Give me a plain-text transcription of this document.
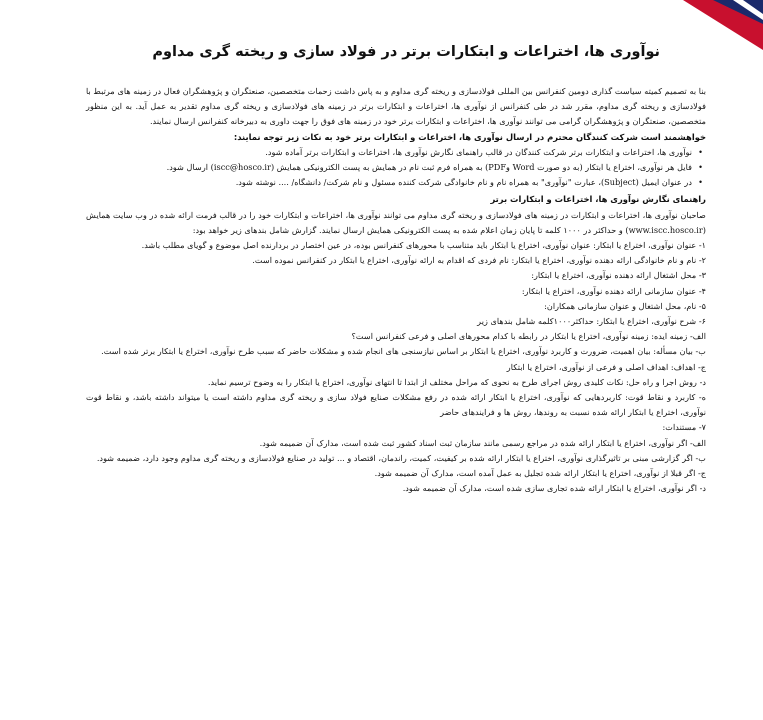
نوآوری ها، اختراعات و ابتکارات برتر در فولاد سازی و ریخته گری مداوم

بنا به تصمیم کمیته سیاست گذاری دومین کنفرانس بین المللی فولادسازی و ریخته گری مداوم و به پاس داشت زحمات متخصصین، صنعتگران و پژوهشگران فعال در زمینه های مرتبط با فولادسازی و ریخته گری مداوم، مقرر شد در طی کنفرانس از نوآوری ها، اختراعات و ابتکارات برتر در زمینه های فولادسازی و ریخته گری مداوم تقدیر به عمل آید. به این منظور متخصصین، صنعتگران و پژوهشگران گرامی می توانند نوآوری ها، اختراعات و ابتکارات برتر خود در زمینه های فوق را جهت داوری به دبیرخانه کنفرانس ارسال نمایند.

خواهشمند است شرکت کنندگان محترم در ارسال نوآوری ها، اختراعات و ابتکارات برتر خود به نکات زیر توجه نمایند:

• نوآوری ها، اختراعات و ابتکارات برتر شرکت کنندگان در قالب راهنمای نگارش نوآوری ها، اختراعات و ابتکارات برتر آماده شود.
• فایل هر نوآوری، اختراع یا ابتکار (به دو صورت Word وPDF) به همراه فرم ثبت نام در همایش به پست الکترونیکی همایش (iscc@hosco.ir) ارسال شود.
• در عنوان ایمیل (Subject)، عبارت "نوآوری" به همراه نام و نام خانوادگی شرکت کننده مسئول و نام شرکت/ دانشگاه/ .... نوشته شود.

راهنمای نگارش نوآوری ها، اختراعات و ابتکارات برتر

صاحبان نوآوری ها، اختراعات و ابتکارات در زمینه های فولادسازی و ریخته گری مداوم می توانند نوآوری ها، اختراعات و ابتکارات خود را در قالب فرمت ارائه شده در وب سایت همایش (www.iscc.hosco.ir) و حداکثر در ۱۰۰۰ کلمه تا پایان زمان اعلام شده به پست الکترونیکی همایش ارسال نمایند. گزارش شامل بندهای زیر خواهد بود:

۱- عنوان نوآوری، اختراع یا ابتکار: عنوان نوآوری، اختراع یا ابتکار باید متناسب با محورهای کنفرانس بوده، در عین اختصار در بردارنده اصل موضوع و گویای مطلب باشد.

۲- نام و نام خانوادگی ارائه دهنده نوآوری، اختراع یا ابتکار: نام فردی که اقدام به ارائه نوآوری، اختراع یا ابتکار در کنفرانس نموده است.

۳- محل اشتغال ارائه دهنده نوآوری، اختراع یا ابتکار:

۴- عنوان سازمانی ارائه دهنده نوآوری، اختراع یا ابتکار:

۵- نام، محل اشتغال و عنوان سازمانی همکاران:

۶- شرح نوآوری، اختراع یا ابتکار: حداکثر۱۰۰۰کلمه شامل بندهای زیر

الف- زمینه ایده: زمینه نوآوری، اختراع یا ابتکار در رابطه با کدام محورهای اصلی و فرعی کنفرانس است؟

ب- بیان مسأله: بیان اهمیت، ضرورت و کاربرد نوآوری، اختراع یا ابتکار بر اساس نیازسنجی های انجام شده و مشکلات حاضر که سبب طرح نوآوری، اختراع یا ابتکار برتر شده است.

ج- اهداف: اهداف اصلی و فرعی از نوآوری، اختراع یا ابتکار

د- روش اجرا و راه حل: نکات کلیدی روش اجرای طرح به نحوی که مراحل مختلف از ابتدا تا انتهای نوآوری، اختراع یا ابتکار را به وضوح ترسیم نماید.

ه- کاربرد و نقاط قوت: کاربردهایی که نوآوری، اختراع یا ابتکار ارائه شده در رفع مشکلات صنایع فولاد سازی و ریخته گری مداوم داشته است یا میتواند داشته باشد، و نقاط قوت نوآوری، اختراع یا ابتکار ارائه شده نسبت به روندها، روش ها و فرایندهای حاضر

۷- مستندات:

الف- اگر نوآوری، اختراع یا ابتکار ارائه شده در مراجع رسمی مانند سازمان ثبت اسناد کشور ثبت شده است، مدارک آن ضمیمه شود.

ب- اگر گزارشی مبنی بر تاثیرگذاری نوآوری، اختراع یا ابتکار ارائه شده بر کیفیت، کمیت، راندمان، اقتصاد و ... تولید در صنایع فولادسازی و ریخته گری مداوم وجود دارد، ضمیمه شود.

ج- اگر قبلا از نوآوری، اختراع یا ابتکار ارائه شده تجلیل به عمل آمده است، مدارک آن ضمیمه شود.

د- اگر نوآوری، اختراع یا ابتکار ارائه شده تجاری سازی شده است، مدارک آن ضمیمه شود.
